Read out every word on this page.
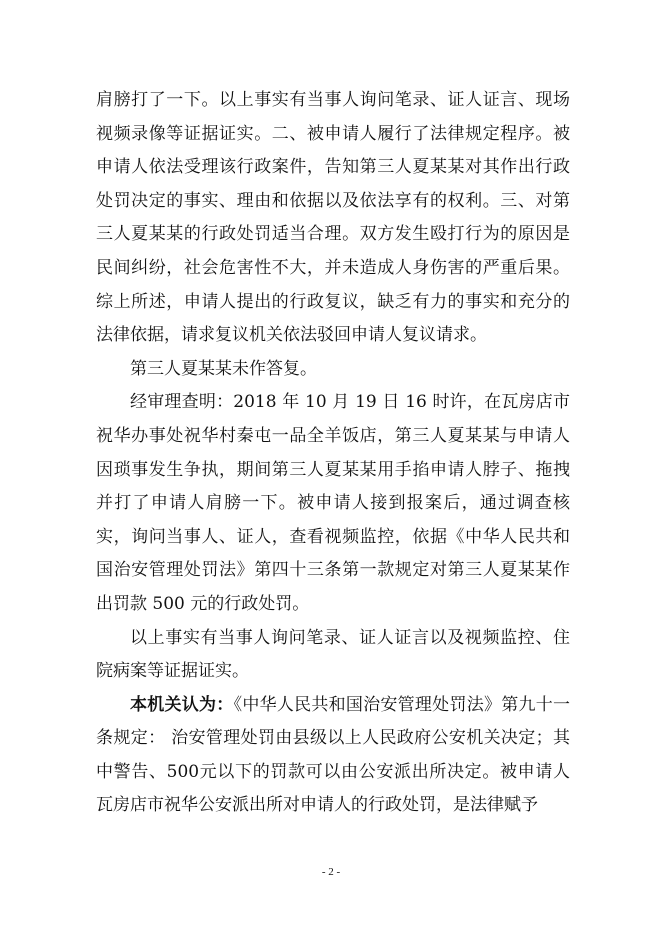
肩膀打了一下。以上事实有当事人询问笔录、证人证言、现场视频录像等证据证实。二、被申请人履行了法律规定程序。被申请人依法受理该行政案件，告知第三人夏某某对其作出行政处罚决定的事实、理由和依据以及依法享有的权利。三、对第三人夏某某的行政处罚适当合理。双方发生殴打行为的原因是民间纠纷，社会危害性不大，并未造成人身伤害的严重后果。综上所述，申请人提出的行政复议，缺乏有力的事实和充分的法律依据，请求复议机关依法驳回申请人复议请求。

第三人夏某某未作答复。

经审理查明：2018 年 10 月 19 日 16 时许，在瓦房店市祝华办事处祝华村秦屯一品全羊饭店，第三人夏某某与申请人因琐事发生争执，期间第三人夏某某用手掐申请人脖子、拖拽并打了申请人肩膀一下。被申请人接到报案后，通过调查核实，询问当事人、证人，查看视频监控，依据《中华人民共和国治安管理处罚法》第四十三条第一款规定对第三人夏某某作出罚款 500 元的行政处罚。

以上事实有当事人询问笔录、证人证言以及视频监控、住院病案等证据证实。

本机关认为：《中华人民共和国治安管理处罚法》第九十一条规定： 治安管理处罚由县级以上人民政府公安机关决定；其中警告、500元以下的罚款可以由公安派出所决定。被申请人瓦房店市祝华公安派出所对申请人的行政处罚，是法律赋予

- 2 -
